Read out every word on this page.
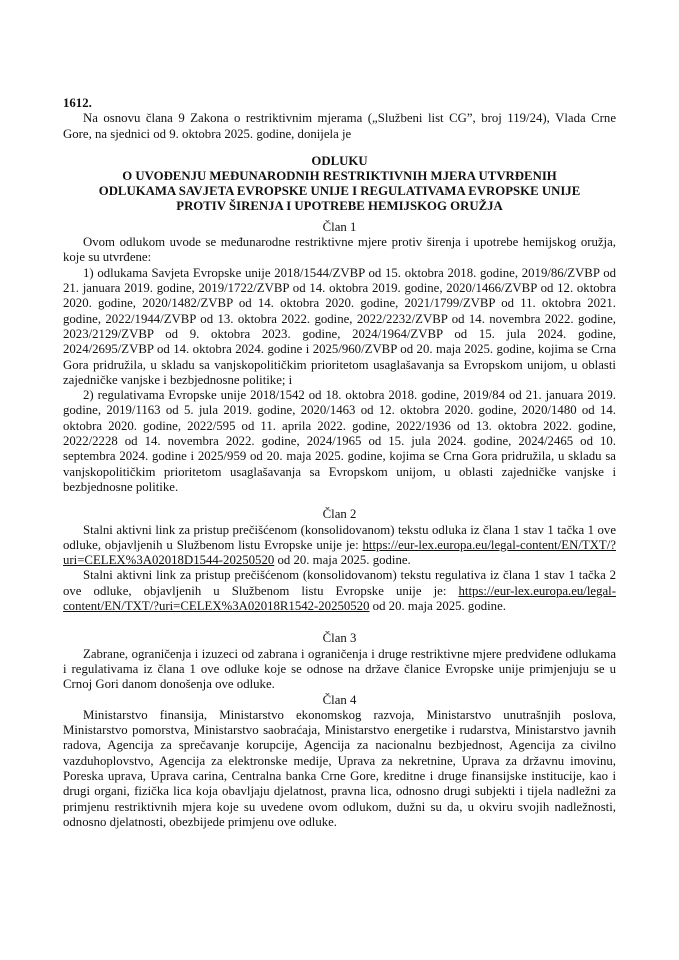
1612.

Na osnovu člana 9 Zakona o restriktivnim mjerama („Službeni list CG”, broj 119/24), Vlada Crne Gore, na sjednici od 9. oktobra 2025. godine, donijela je

ODLUKU
O UVOĐENJU MEĐUNARODNIH RESTRIKTIVNIH MJERA UTVRĐENIH
ODLUKAMA SAVJETA EVROPSKE UNIJE I REGULATIVAMA EVROPSKE UNIJE
PROTIV ŠIRENJA I UPOTREBE HEMIJSKOG ORUŽJA
Član 1

Ovom odlukom uvode se međunarodne restriktivne mjere protiv širenja i upotrebe hemijskog oružja, koje su utvrđene:

1) odlukama Savjeta Evropske unije 2018/1544/ZVBP od 15. oktobra 2018. godine, 2019/86/ZVBP od 21. januara 2019. godine, 2019/1722/ZVBP od 14. oktobra 2019. godine, 2020/1466/ZVBP od 12. oktobra 2020. godine, 2020/1482/ZVBP od 14. oktobra 2020. godine, 2021/1799/ZVBP od 11. oktobra 2021. godine, 2022/1944/ZVBP od 13. oktobra 2022. godine, 2022/2232/ZVBP od 14. novembra 2022. godine, 2023/2129/ZVBP od 9. oktobra 2023. godine, 2024/1964/ZVBP od 15. jula 2024. godine, 2024/2695/ZVBP od 14. oktobra 2024. godine i 2025/960/ZVBP od 20. maja 2025. godine, kojima se Crna Gora pridružila, u skladu sa vanjskopolitičkim prioritetom usaglašavanja sa Evropskom unijom, u oblasti zajedničke vanjske i bezbjednosne politike; i

2) regulativama Evropske unije 2018/1542 od 18. oktobra 2018. godine, 2019/84 od 21. januara 2019. godine, 2019/1163 od 5. jula 2019. godine, 2020/1463 od 12. oktobra 2020. godine, 2020/1480 od 14. oktobra 2020. godine, 2022/595 od 11. aprila 2022. godine, 2022/1936 od 13. oktobra 2022. godine, 2022/2228 od 14. novembra 2022. godine, 2024/1965 od 15. jula 2024. godine, 2024/2465 od 10. septembra 2024. godine i 2025/959 od 20. maja 2025. godine, kojima se Crna Gora pridružila, u skladu sa vanjskopolitičkim prioritetom usaglašavanja sa Evropskom unijom, u oblasti zajedničke vanjske i bezbjednosne politike.

Član 2

Stalni aktivni link za pristup prečišćenom (konsolidovanom) tekstu odluka iz člana 1 stav 1 tačka 1 ove odluke, objavljenih u Službenom listu Evropske unije je: https://eur-lex.europa.eu/legal-content/EN/TXT/?uri=CELEX%3A02018D1544-20250520 od 20. maja 2025. godine.

Stalni aktivni link za pristup prečišćenom (konsolidovanom) tekstu regulativa iz člana 1 stav 1 tačka 2 ove odluke, objavljenih u Službenom listu Evropske unije je: https://eur-lex.europa.eu/legal-content/EN/TXT/?uri=CELEX%3A02018R1542-20250520 od 20. maja 2025. godine.

Član 3

Zabrane, ograničenja i izuzeci od zabrana i ograničenja i druge restriktivne mjere predviđene odlukama i regulativama iz člana 1 ove odluke koje se odnose na države članice Evropske unije primjenjuju se u Crnoj Gori danom donošenja ove odluke.

Član 4

Ministarstvo finansija, Ministarstvo ekonomskog razvoja, Ministarstvo unutrašnjih poslova, Ministarstvo pomorstva, Ministarstvo saobraćaja, Ministarstvo energetike i rudarstva, Ministarstvo javnih radova, Agencija za sprečavanje korupcije, Agencija za nacionalnu bezbjednost, Agencija za civilno vazduhoplovstvo, Agencija za elektronske medije, Uprava za nekretnine, Uprava za državnu imovinu, Poreska uprava, Uprava carina, Centralna banka Crne Gore, kreditne i druge finansijske institucije, kao i drugi organi, fizička lica koja obavljaju djelatnost, pravna lica, odnosno drugi subjekti i tijela nadležni za primjenu restriktivnih mjera koje su uvedene ovom odlukom, dužni su da, u okviru svojih nadležnosti, odnosno djelatnosti, obezbijede primjenu ove odluke.
